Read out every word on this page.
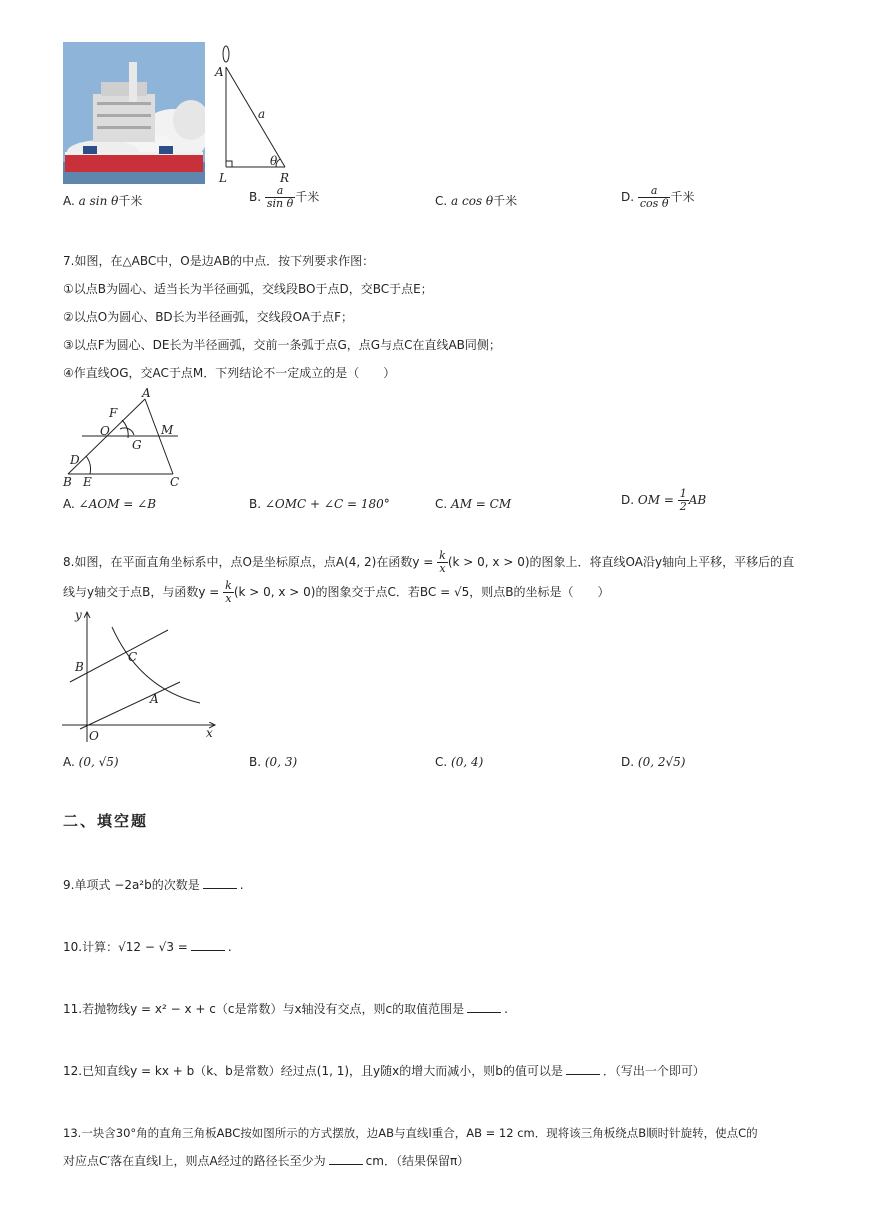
A
a
θ
L	R
A. a sin θ千米	B. $\frac{a}{\text{sin θ}}$ 千米	C. a cos θ千米	D. $\frac{a}{\text{cos θ}}$ 千米
7.如图，在△ABC中，O是边AB的中点．按下列要求作图：
①以点B为圆心、适当长为半径画弧，交线段BO于点D，交BC于点E；
②以点O为圆心、BD长为半径画弧，交线段OA于点F；
③以点F为圆心、DE长为半径画弧，交前一条弧于点G，点G与点C在直线AB同侧；
④作直线OG，交AC于点M．下列结论不一定成立的是（　　）
A
F
O	M
G
D
B E	C
A. ∠AOM = ∠B	B. ∠OMC + ∠C = 180°	C. AM = CM	D. OM = $\frac{1}{2}$ AB
8.如图，在平面直角坐标系中，点O是坐标原点，点A(4, 2)在函数$y = \frac{k}{x} (k > 0$, x > 0)的图象上．将直线OA沿y轴向上平移，平移后的直
线与y轴交于点B，与函数$y = \frac{k}{x} (k > 0$, x > 0)的图象交于点C．若BC = √5，则点B的坐标是（　　）
y
x
O
B
C
A
A. (0, √5)	B. (0, 3)	C. (0, 4)	D. (0, 2√5)
二、填空题
9.单项式 −2a²b的次数是	.
10.计算：√12 − √3 =	.
11.若抛物线y = x² − x + c（c是常数）与x轴没有交点，则c的取值范围是	.
12.已知直线y = kx + b（k、b是常数）经过点(1, 1)，且y随x的增大而减小，则b的值可以是	．（写出一个即可）
13.一块含30°角的直角三角板ABC按如图所示的方式摆放，边AB与直线l重合，AB = 12 cm．现将该三角板绕点B顺时针旋转，使点C的
对应点C′落在直线l上，则点A经过的路径长至少为	cm．（结果保留π）
